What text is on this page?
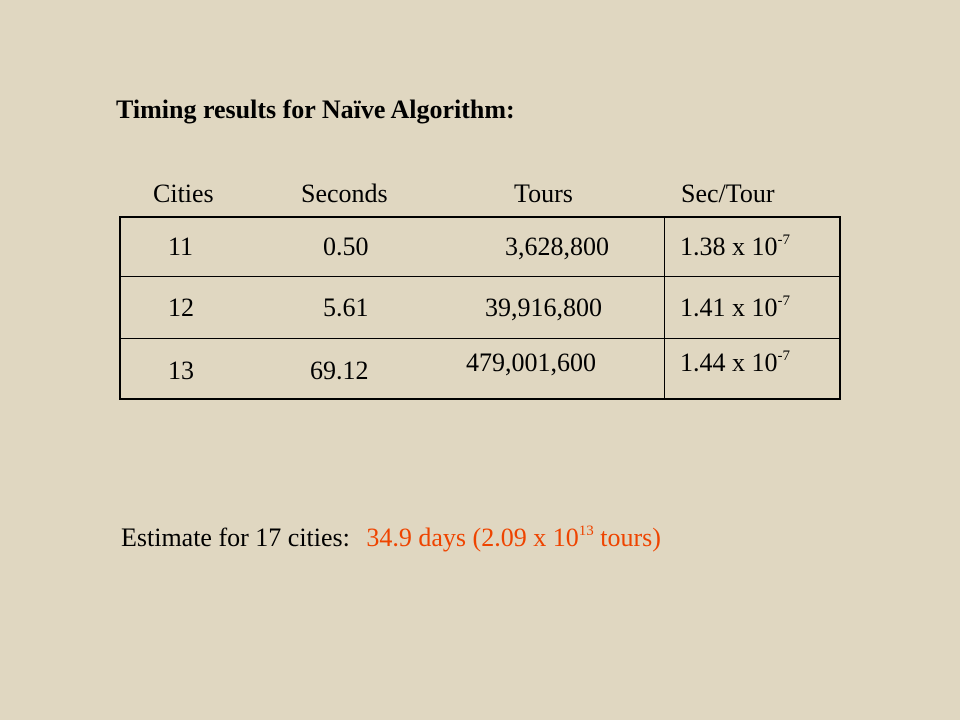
Timing results for Naïve Algorithm:
Cities	Seconds	Tours	Sec/Tour
11	0.50	3,628,800	1.38 x $10^{-7}$
12	5.61	39,916,800	1.41 x $10^{-7}$
13	69.12	479,001,600	1.44 x $10^{-7}$
Estimate for 17 cities: 34.9 days (2.09 x $10^{13}$ tours)
